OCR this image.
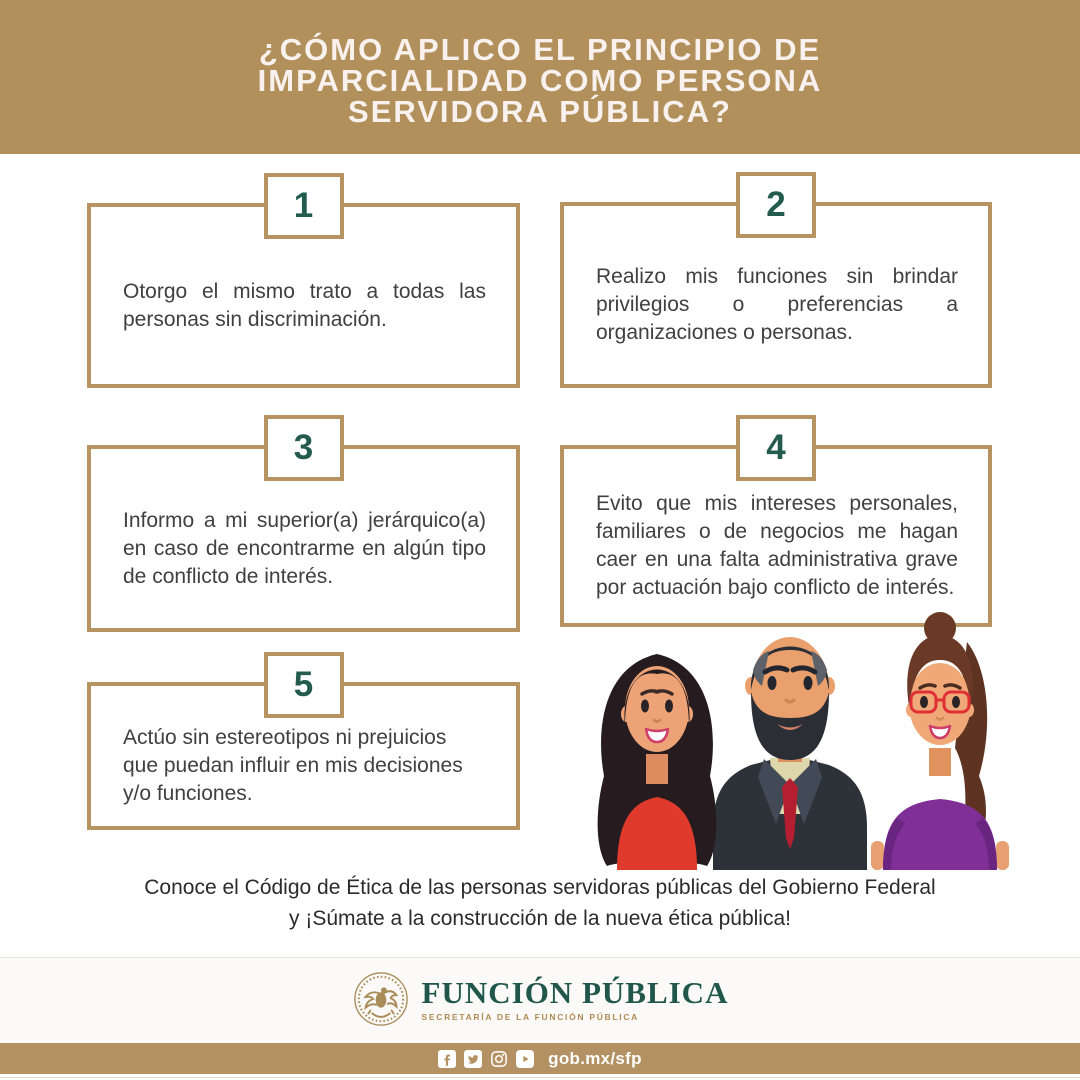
¿CÓMO APLICO EL PRINCIPIO DE
IMPARCIALIDAD COMO PERSONA
SERVIDORA PÚBLICA?
1
Otorgo el mismo trato a todas las personas sin discriminación.
2
Realizo mis funciones sin brindar privilegios o preferencias a organizaciones o personas.
3
Informo a mi superior(a) jerárquico(a) en caso de encontrarme en algún tipo de conflicto de interés.
4
Evito que mis intereses personales, familiares o de negocios me hagan caer en una falta administrativa grave por actuación bajo conflicto de interés.
5
Actúo sin estereotipos ni prejuicios que puedan influir en mis decisiones y/o funciones.
Conoce el Código de Ética de las personas servidoras públicas del Gobierno Federal
y ¡Súmate a la construcción de la nueva ética pública!
FUNCIÓN PÚBLICA
SECRETARÍA DE LA FUNCIÓN PÚBLICA
gob.mx/sfp
